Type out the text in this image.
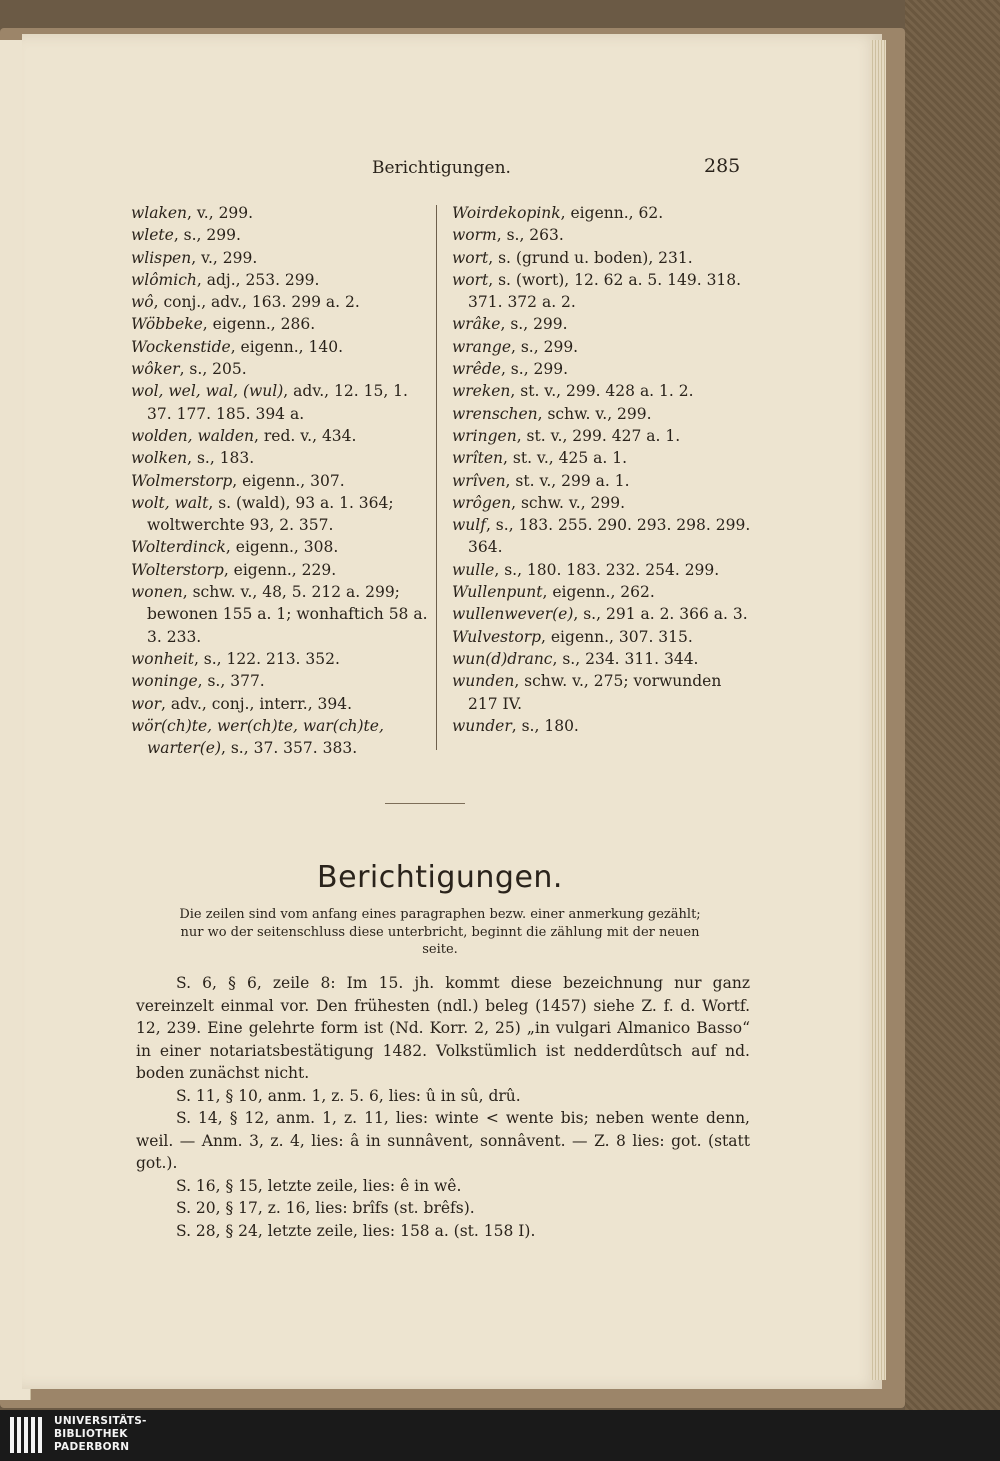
Berichtigungen.	285

wlaken, v., 299.

wlete, s., 299.

wlispen, v., 299.

wlômich, adj., 253. 299.

wô, conj., adv., 163. 299 a. 2.

Wöbbeke, eigenn., 286.

Wockenstide, eigenn., 140.

wôker, s., 205.

wol, wel, wal, (wul), adv., 12. 15, 1. 37. 177. 185. 394 a.

wolden, walden, red. v., 434.

wolken, s., 183.

Wolmerstorp, eigenn., 307.

wolt, walt, s. (wald), 93 a. 1. 364; woltwerchte 93, 2. 357.

Wolterdinck, eigenn., 308.

Wolterstorp, eigenn., 229.

wonen, schw. v., 48, 5. 212 a. 299; bewonen 155 a. 1; wonhaftich 58 a. 3. 233.

wonheit, s., 122. 213. 352.

woninge, s., 377.

wor, adv., conj., interr., 394.

wör(ch)te, wer(ch)te, war(ch)te, warter(e), s., 37. 357. 383.

Woirdekopink, eigenn., 62.

worm, s., 263.

wort, s. (grund u. boden), 231.

wort, s. (wort), 12. 62 a. 5. 149. 318. 371. 372 a. 2.

wrâke, s., 299.

wrange, s., 299.

wrêde, s., 299.

wreken, st. v., 299. 428 a. 1. 2.

wrenschen, schw. v., 299.

wringen, st. v., 299. 427 a. 1.

wrîten, st. v., 425 a. 1.

wrîven, st. v., 299 a. 1.

wrôgen, schw. v., 299.

wulf, s., 183. 255. 290. 293. 298. 299. 364.

wulle, s., 180. 183. 232. 254. 299.

Wullenpunt, eigenn., 262.

wullenwever(e), s., 291 a. 2. 366 a. 3.

Wulvestorp, eigenn., 307. 315.

wun(d)dranc, s., 234. 311. 344.

wunden, schw. v., 275; vorwunden 217 IV.

wunder, s., 180.

Berichtigungen.
Die zeilen sind vom anfang eines paragraphen bezw. einer anmerkung gezählt; nur wo der seitenschluss diese unterbricht, beginnt die zählung mit der neuen seite.

S. 6, § 6, zeile 8: Im 15. jh. kommt diese bezeichnung nur ganz vereinzelt einmal vor. Den frühesten (ndl.) beleg (1457) siehe Z. f. d. Wortf. 12, 239. Eine gelehrte form ist (Nd. Korr. 2, 25) „in vulgari Almanico Basso“ in einer notariatsbestätigung 1482. Volkstümlich ist nedderdûtsch auf nd. boden zunächst nicht.

S. 11, § 10, anm. 1, z. 5. 6, lies: û in sû, drû.

S. 14, § 12, anm. 1, z. 11, lies: winte < wente bis; neben wente denn, weil. — Anm. 3, z. 4, lies: â in sunnâvent, sonnâvent. — Z. 8 lies: got. (statt got.).

S. 16, § 15, letzte zeile, lies: ê in wê.

S. 20, § 17, z. 16, lies: brîfs (st. brêfs).

S. 28, § 24, letzte zeile, lies: 158 a. (st. 158 I).

UNIVERSITÄTS-
BIBLIOTHEK
PADERBORN
